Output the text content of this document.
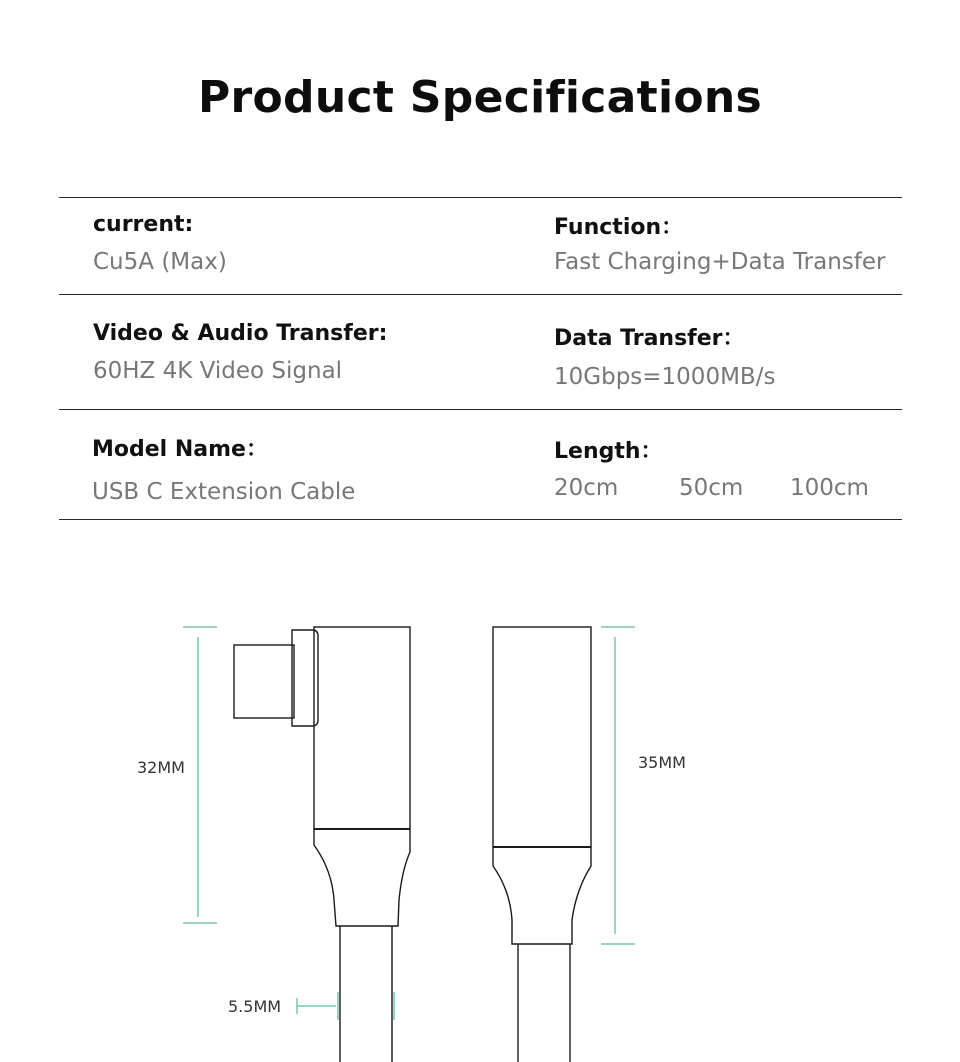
Product Specifications
current:
Cu5A (Max)
Function：
Fast Charging+Data Transfer
Video & Audio Transfer:
60HZ 4K Video Signal
Data Transfer：
10Gbps=1000MB/s
Model Name：
USB C Extension Cable
Length：
20cm	50cm 100cm
32MM	35MM
5.5MM
